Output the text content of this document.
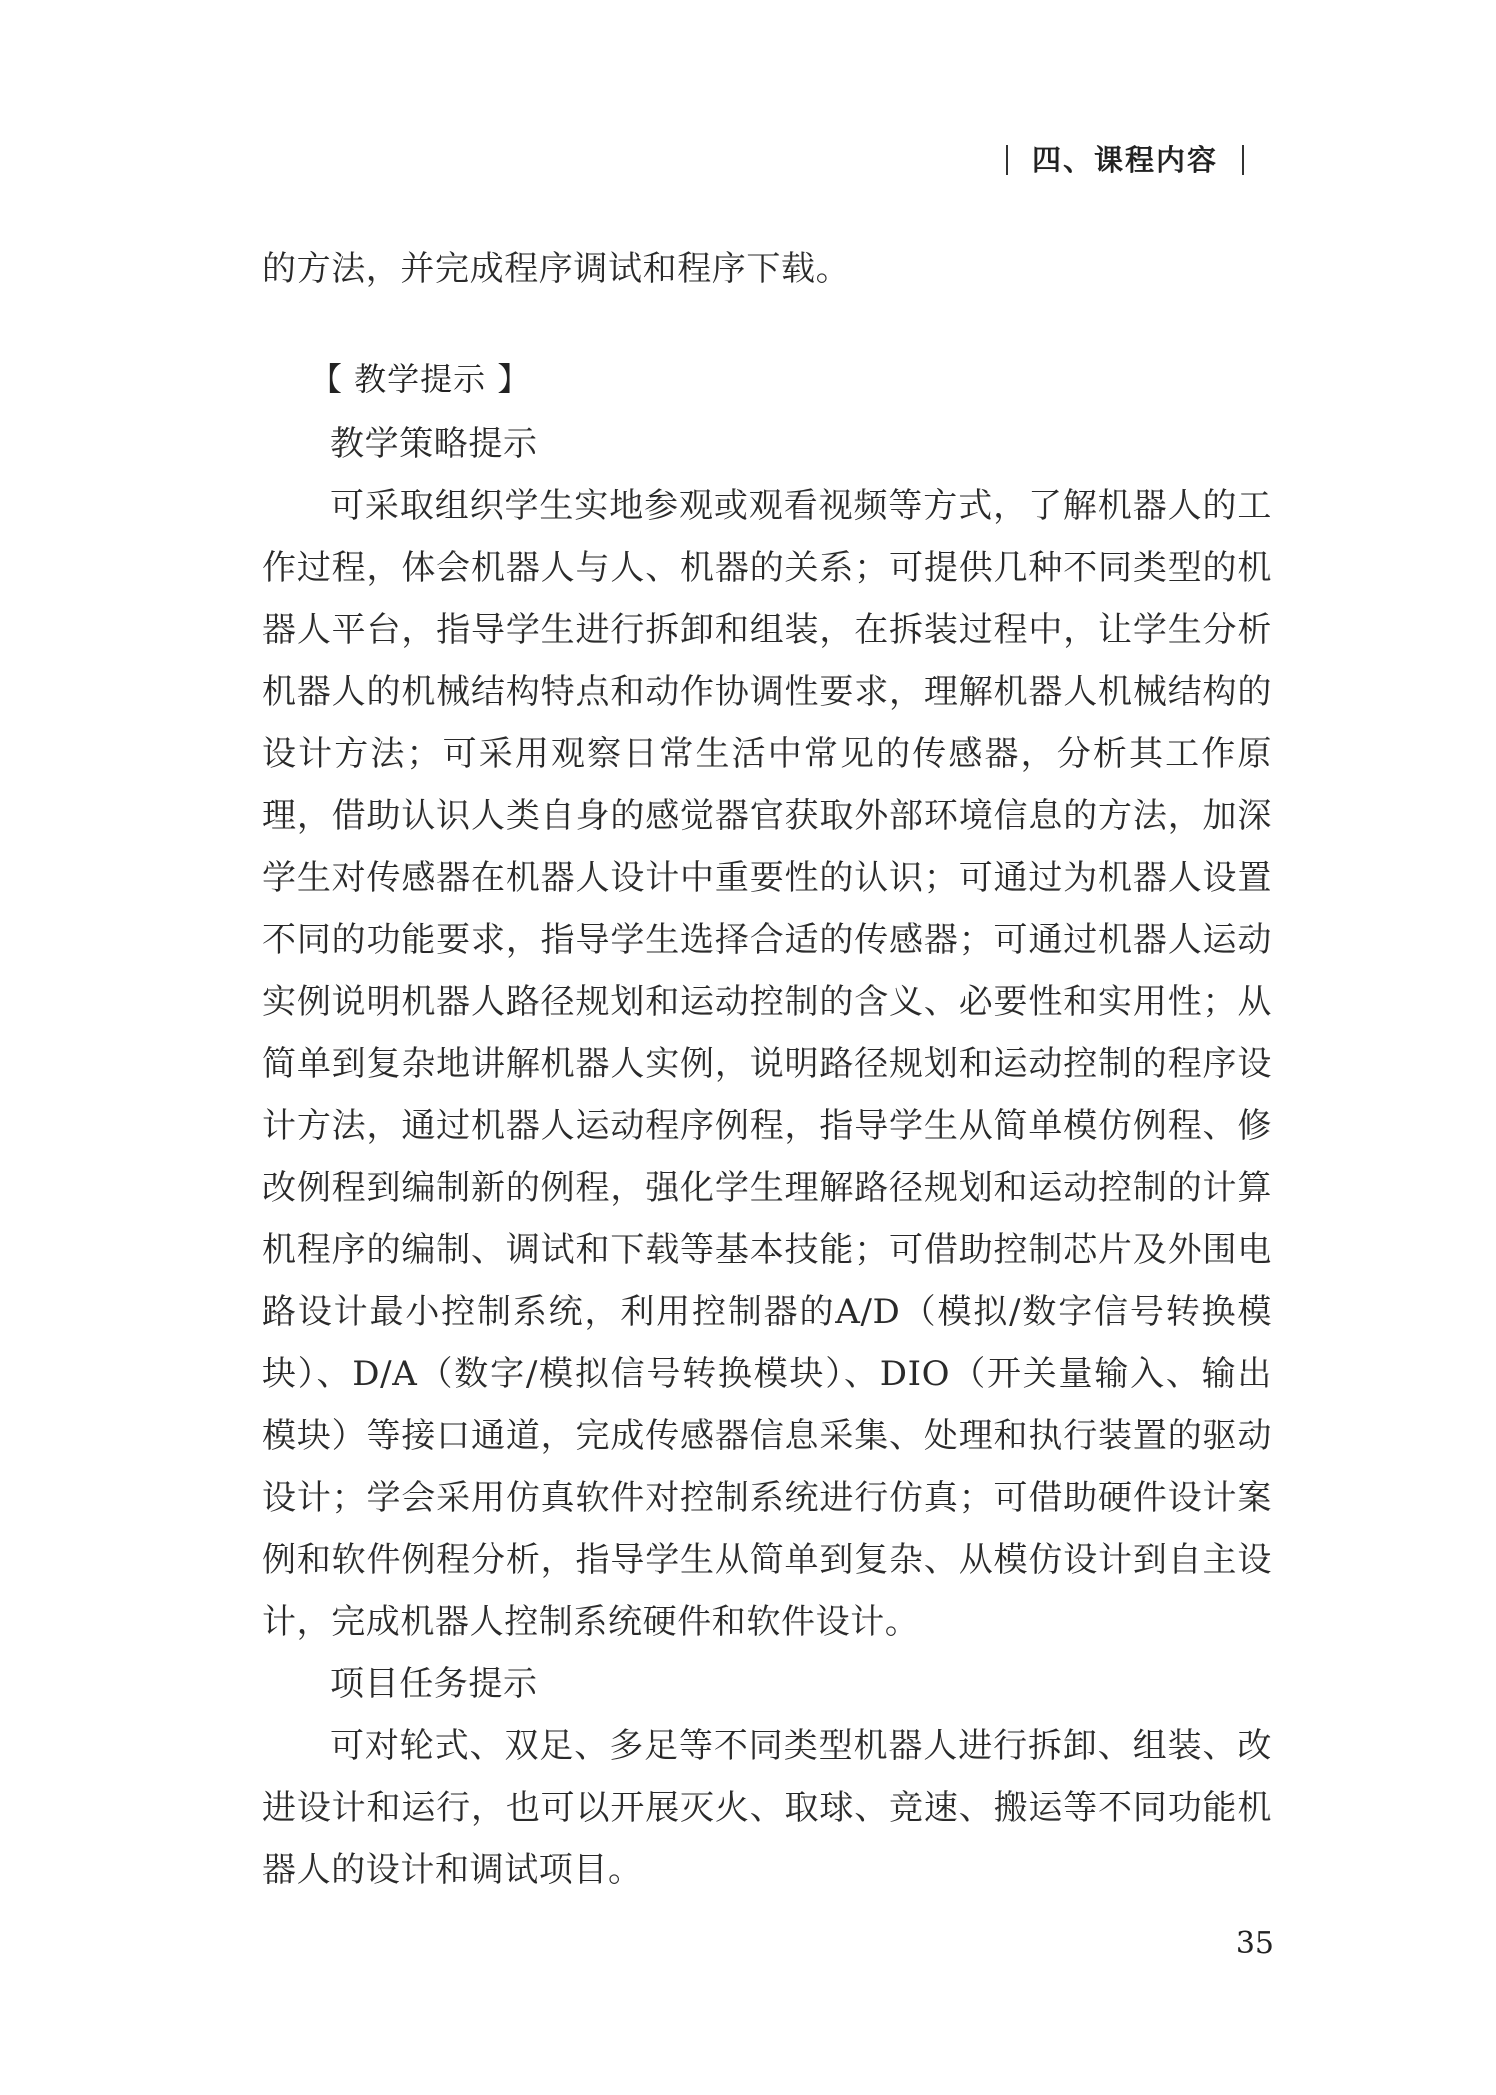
四、课程内容

的方法，并完成程序调试和程序下载。

【 教学提示 】

教学策略提示

可采取组织学生实地参观或观看视频等方式，了解机器人的工作过程，体会机器人与人、机器的关系；可提供几种不同类型的机器人平台，指导学生进行拆卸和组装，在拆装过程中，让学生分析机器人的机械结构特点和动作协调性要求，理解机器人机械结构的设计方法；可采用观察日常生活中常见的传感器，分析其工作原理，借助认识人类自身的感觉器官获取外部环境信息的方法，加深学生对传感器在机器人设计中重要性的认识；可通过为机器人设置不同的功能要求，指导学生选择合适的传感器；可通过机器人运动实例说明机器人路径规划和运动控制的含义、必要性和实用性；从简单到复杂地讲解机器人实例，说明路径规划和运动控制的程序设计方法，通过机器人运动程序例程，指导学生从简单模仿例程、修改例程到编制新的例程，强化学生理解路径规划和运动控制的计算机程序的编制、调试和下载等基本技能；可借助控制芯片及外围电路设计最小控制系统，利用控制器的A/D（模拟/数字信号转换模块）、D/A（数字/模拟信号转换模块）、DIO（开关量输入、输出模块）等接口通道，完成传感器信息采集、处理和执行装置的驱动设计；学会采用仿真软件对控制系统进行仿真；可借助硬件设计案例和软件例程分析，指导学生从简单到复杂、从模仿设计到自主设计，完成机器人控制系统硬件和软件设计。

项目任务提示

可对轮式、双足、多足等不同类型机器人进行拆卸、组装、改进设计和运行，也可以开展灭火、取球、竞速、搬运等不同功能机器人的设计和调试项目。

35
